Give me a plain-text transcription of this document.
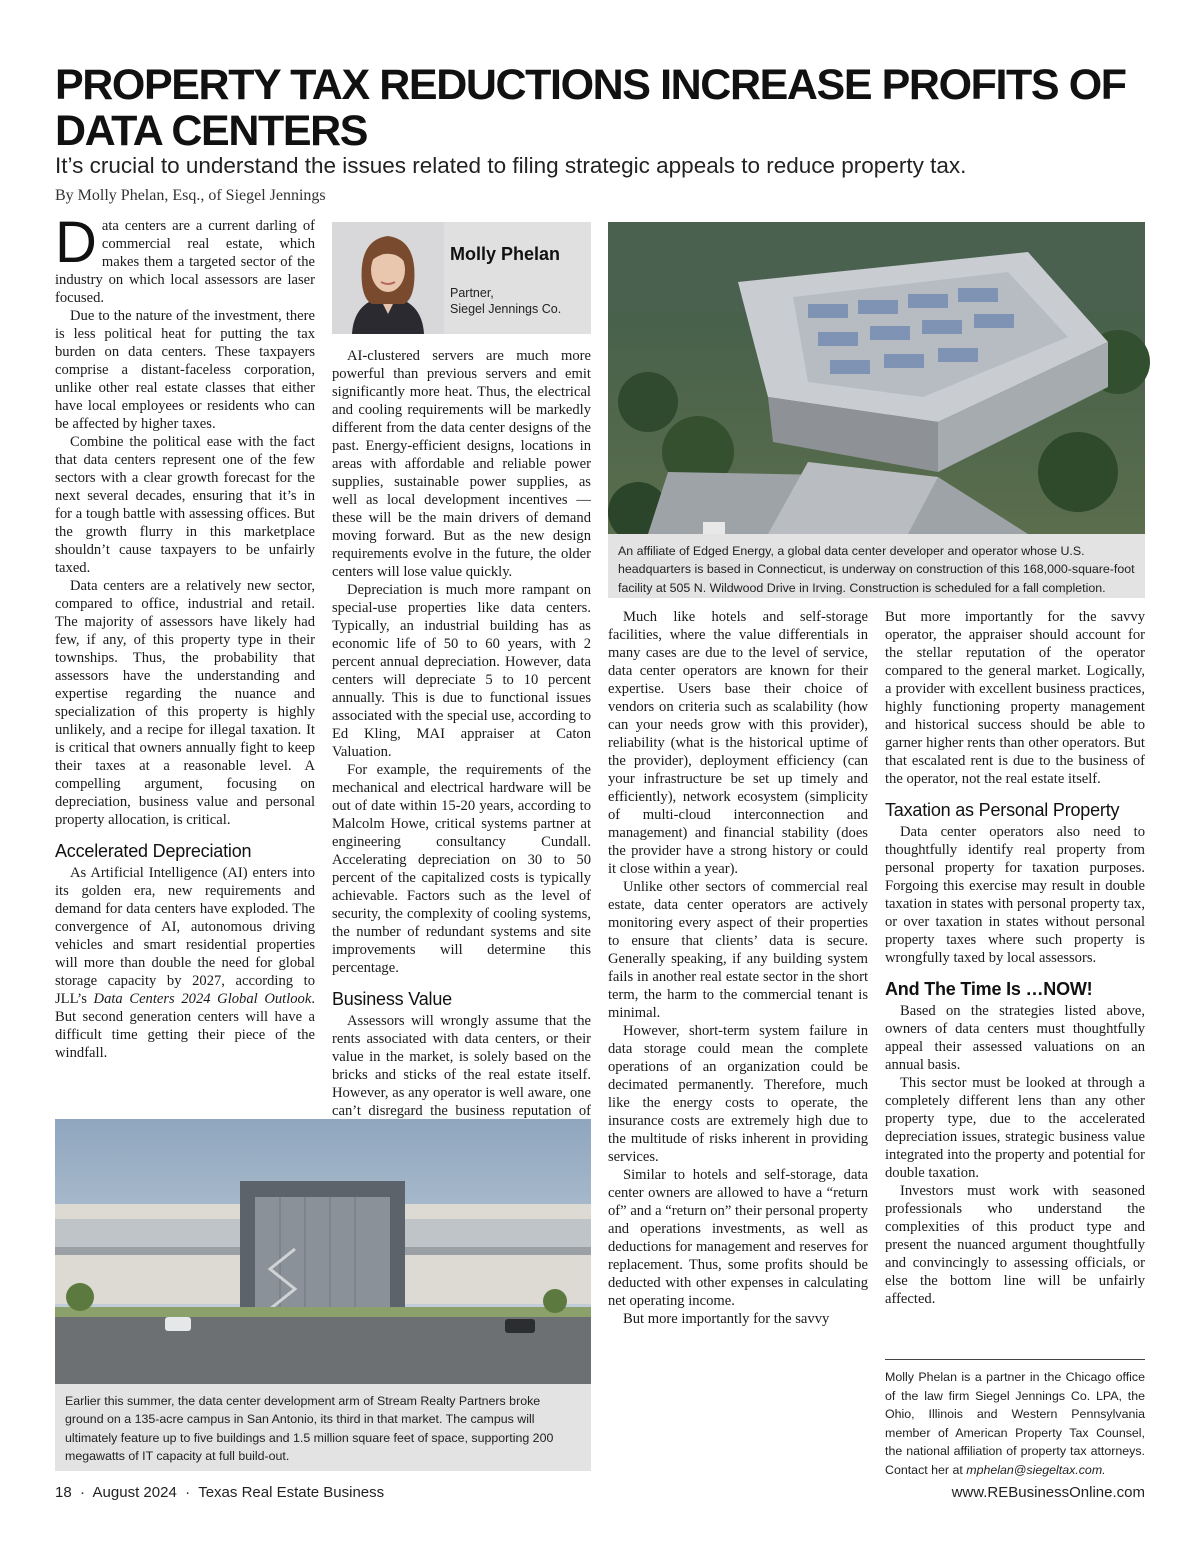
PROPERTY TAX REDUCTIONS INCREASE PROFITS OF DATA CENTERS

It’s crucial to understand the issues related to filing strategic appeals to reduce property tax.

By Molly Phelan, Esq., of Siegel Jennings

Data centers are a current darling of commercial real estate, which makes them a targeted sector of the industry on which local assessors are laser focused.

Due to the nature of the investment, there is less political heat for putting the tax burden on data centers. These taxpayers comprise a distant-faceless corporation, unlike other real estate classes that either have local employees or residents who can be affected by higher taxes.

Combine the political ease with the fact that data centers represent one of the few sectors with a clear growth forecast for the next several decades, ensuring that it’s in for a tough battle with assessing offices. But the growth flurry in this marketplace shouldn’t cause taxpayers to be unfairly taxed.

Data centers are a relatively new sector, compared to office, industrial and retail. The majority of assessors have likely had few, if any, of this property type in their townships. Thus, the probability that assessors have the understanding and expertise regarding the nuance and specialization of this property is highly unlikely, and a recipe for illegal taxation. It is critical that owners annually fight to keep their taxes at a reasonable level. A compelling argument, focusing on depreciation, business value and personal property allocation, is critical.

Accelerated Depreciation

As Artificial Intelligence (AI) enters into its golden era, new requirements and demand for data centers have exploded. The convergence of AI, autonomous driving vehicles and smart residential properties will more than double the need for global storage capacity by 2027, according to JLL’s Data Centers 2024 Global Outlook. But second generation centers will have a difficult time getting their piece of the windfall.

Molly Phelan
Partner,
Siegel Jennings Co.

AI-clustered servers are much more powerful than previous servers and emit significantly more heat. Thus, the electrical and cooling requirements will be markedly different from the data center designs of the past. Energy-efficient designs, locations in areas with affordable and reliable power supplies, sustainable power supplies, as well as local development incentives — these will be the main drivers of demand moving forward. But as the new design requirements evolve in the future, the older centers will lose value quickly.

Depreciation is much more rampant on special-use properties like data centers. Typically, an industrial building has as economic life of 50 to 60 years, with 2 percent annual depreciation. However, data centers will depreciate 5 to 10 percent annually. This is due to functional issues associated with the special use, according to Ed Kling, MAI appraiser at Caton Valuation.

For example, the requirements of the mechanical and electrical hardware will be out of date within 15-20 years, according to Malcolm Howe, critical systems partner at engineering consultancy Cundall. Accelerating depreciation on 30 to 50 percent of the capitalized costs is typically achievable. Factors such as the level of security, the complexity of cooling systems, the number of redundant systems and site improvements will determine this percentage.

Business Value

Assessors will wrongly assume that the rents associated with data centers, or their value in the market, is solely based on the bricks and sticks of the real estate itself. However, as any operator is well aware, one can’t disregard the business reputation of

An affiliate of Edged Energy, a global data center developer and operator whose U.S. headquarters is based in Connecticut, is underway on construction of this 168,000-square-foot facility at 505 N. Wildwood Drive in Irving. Construction is scheduled for a fall completion.

Much like hotels and self-storage facilities, where the value differentials in many cases are due to the level of service, data center operators are known for their expertise. Users base their choice of vendors on criteria such as scalability (how can your needs grow with this provider), reliability (what is the historical uptime of the provider), deployment efficiency (can your infrastructure be set up timely and efficiently), network ecosystem (simplicity of multi-cloud interconnection and management) and financial stability (does the provider have a strong history or could it close within a year).

Unlike other sectors of commercial real estate, data center operators are actively monitoring every aspect of their properties to ensure that clients’ data is secure. Generally speaking, if any building system fails in another real estate sector in the short term, the harm to the commercial tenant is minimal.

However, short-term system failure in data storage could mean the complete operations of an organization could be decimated permanently. Therefore, much like the energy costs to operate, the insurance costs are extremely high due to the multitude of risks inherent in providing services.

Similar to hotels and self-storage, data center owners are allowed to have a “return of” and a “return on” their personal property and operations investments, as well as deductions for management and reserves for replacement. Thus, some profits should be deducted with other expenses in calculating net operating income.

But more importantly for the savvy

But more importantly for the savvy operator, the appraiser should account for the stellar reputation of the operator compared to the general market. Logically, a provider with excellent business practices, highly functioning property management and historical success should be able to garner higher rents than other operators. But that escalated rent is due to the business of the operator, not the real estate itself.

Taxation as Personal Property

Data center operators also need to thoughtfully identify real property from personal property for taxation purposes. Forgoing this exercise may result in double taxation in states with personal property tax, or over taxation in states without personal property taxes where such property is wrongfully taxed by local assessors.

And The Time Is …NOW!

Based on the strategies listed above, owners of data centers must thoughtfully appeal their assessed valuations on an annual basis.

This sector must be looked at through a completely different lens than any other property type, due to the accelerated depreciation issues, strategic business value integrated into the property and potential for double taxation.

Investors must work with seasoned professionals who understand the complexities of this product type and present the nuanced argument thoughtfully and convincingly to assessing officials, or else the bottom line will be unfairly affected.

Molly Phelan is a partner in the Chicago office of the law firm Siegel Jennings Co. LPA, the Ohio, Illinois and Western Pennsylvania member of American Property Tax Counsel, the national affiliation of property tax attorneys. Contact her at mphelan@siegeltax.com.

Earlier this summer, the data center development arm of Stream Realty Partners broke ground on a 135-acre campus in San Antonio, its third in that market. The campus will ultimately feature up to five buildings and 1.5 million square feet of space, supporting 200 megawatts of IT capacity at full build-out.

18  ·  August 2024  ·  Texas Real Estate Business	www.REBusinessOnline.com
